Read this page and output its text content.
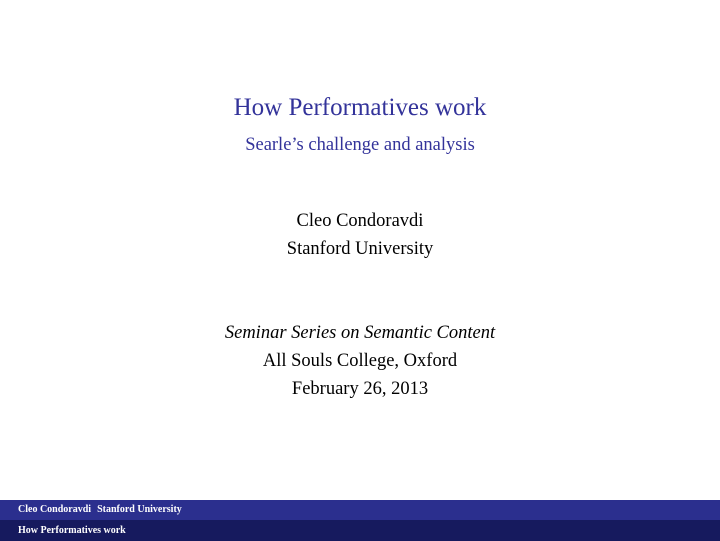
How Performatives work
Searle’s challenge and analysis
Cleo Condoravdi
Stanford University
Seminar Series on Semantic Content
All Souls College, Oxford
February 26, 2013
Cleo Condoravdi Stanford University
How Performatives work
